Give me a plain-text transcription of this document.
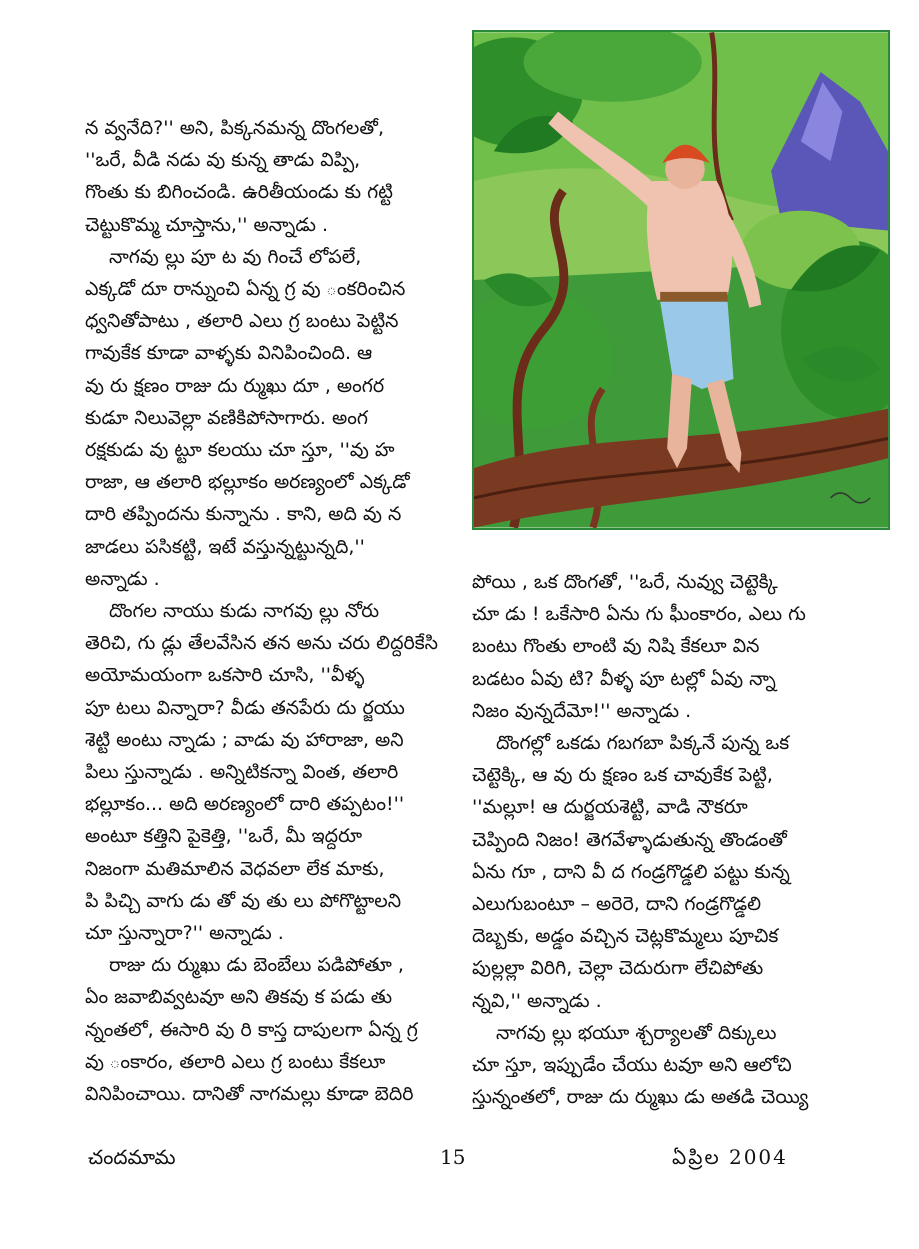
న వ్వనేది?'' అని, పిక్కనమన్న దొంగలతో,
''ఒరే, వీడి నడు వు కున్న తాడు విప్పి,
గొంతు కు బిగించండి. ఉరితీయండు కు గట్టి
చెట్టుకొమ్మ చూస్తాను,'' అన్నాడు .
నాగవు ల్లు పూ ట వు గించే లోపలే,
ఎక్కడో దూ రాన్నుంచి ఏన్న గ్ర వు ంకరించిన
ధ్వనితోపాటు , తలారి ఎలు గ్ర బంటు పెట్టిన
గావుకేక కూడా వాళ్ళకు వినిపించింది. ఆ
వు రు క్షణం రాజు దు ర్ముఖు దూ , అంగర
కుడూ నిలువెల్లా వణికిపోసాగారు. అంగ
రక్షకుడు వు ట్టూ కలయు చూ స్తూ, ''వు హ
రాజా, ఆ తలారి భల్లూకం అరణ్యంలో ఎక్కడో
దారి తప్పిందను కున్నాను . కాని, అది వు న
జాడలు పసికట్టి, ఇటే వస్తున్నట్టున్నది,''
అన్నాడు .
దొంగల నాయు కుడు నాగవు ల్లు నోరు
తెరిచి, గు డ్లు తేలవేసిన తన అను చరు లిద్దరికేసి
అయోమయంగా ఒకసారి చూసి, ''వీళ్ళ
పూ టలు విన్నారా? వీడు తనపేరు దు ర్జయు
శెట్టి అంటు న్నాడు ; వాడు వు హారాజా, అని
పిలు స్తున్నాడు . అన్నిటికన్నా వింత, తలారి
భల్లూకం... అది అరణ్యంలో దారి తప్పటం!''
అంటూ కత్తిని పైకెత్తి, ''ఒరే, మీ ఇద్దరూ
నిజంగా మతిమాలిన వెధవలా లేక మాకు,
పి పిచ్చి వాగు డు తో వు తు లు పోగొట్టాలని
చూ స్తున్నారా?'' అన్నాడు .
రాజు దు ర్ముఖు డు బెంబేలు పడిపోతూ ,
ఏం జవాబివ్వటవూ అని తికవు క పడు తు
న్నంతలో, ఈసారి వు రి కాస్త దాపులగా ఏన్న గ్ర
వు ంకారం, తలారి ఎలు గ్ర బంటు కేకలూ
వినిపించాయి. దానితో నాగమల్లు కూడా బెదిరి
పోయి , ఒక దొంగతో, ''ఒరే, నువ్వు చెట్టెక్కి
చూ డు ! ఒకేసారి ఏను గు ఘీంకారం, ఎలు గు
బంటు గొంతు లాంటి వు నిషి కేకలూ విన
బడటం ఏవు టి? వీళ్ళ పూ టల్లో ఏవు న్నా
నిజం వున్నదేమో!'' అన్నాడు .
దొంగల్లో ఒకడు గబగబా పిక్కనే పున్న ఒక
చెట్టెక్కి, ఆ వు రు క్షణం ఒక చావుకేక పెట్టి,
''మల్లూ! ఆ దుర్జయశెట్టి, వాడి నౌకరూ
చెప్పింది నిజం! తెగవేళ్ళాడుతున్న తొండంతో
ఏను గూ , దాని వీ ద గండ్రగొడ్డలి పట్టు కున్న
ఎలుగుబంటూ – అరెరె, దాని గండ్రగొడ్డలి
దెబ్బకు, అడ్డం వచ్చిన చెట్లకొమ్మలు పూచిక
పుల్లల్లా విరిగి, చెల్లా చెదురుగా లేచిపోతు
న్నవి,'' అన్నాడు .
నాగవు ల్లు భయూ శ్చర్యాలతో దిక్కులు
చూ స్తూ, ఇప్పుడేం చేయు టవూ అని ఆలోచి
స్తున్నంతలో, రాజు దు ర్ముఖు డు అతడి చెయ్యి
చందమామ	15	ఏప్రిల 2004
